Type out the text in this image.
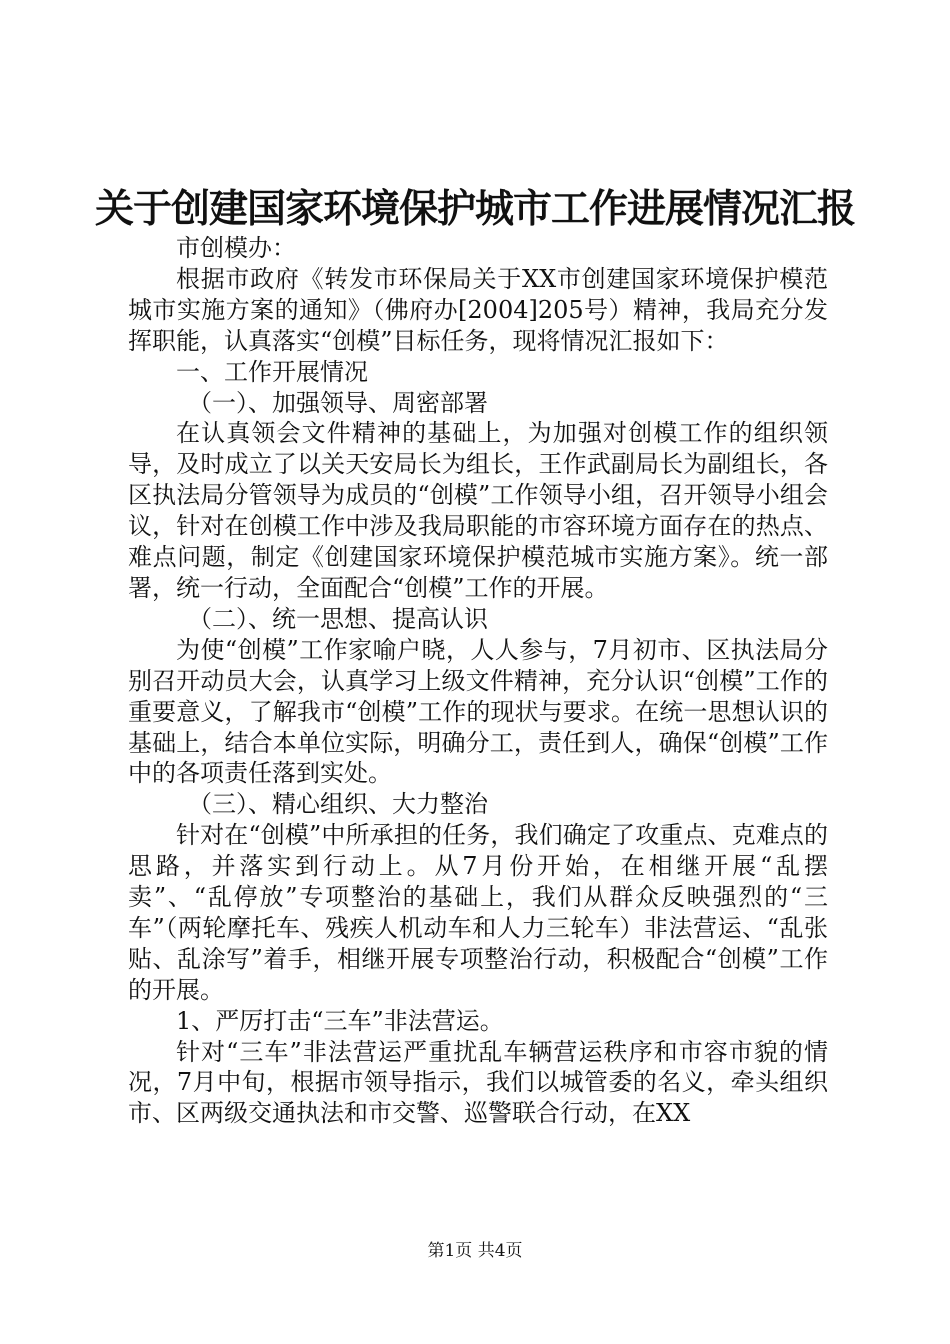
关于创建国家环境保护城市工作进展情况汇报

市创模办：

根据市政府《转发市环保局关于XX市创建国家环境保护模范城市实施方案的通知》（佛府办[2004]205号）精神，我局充分发挥职能，认真落实“创模”目标任务，现将情况汇报如下：

一、工作开展情况

（一）、加强领导、周密部署

在认真领会文件精神的基础上，为加强对创模工作的组织领导，及时成立了以关天安局长为组长，王作武副局长为副组长，各区执法局分管领导为成员的“创模”工作领导小组，召开领导小组会议，针对在创模工作中涉及我局职能的市容环境方面存在的热点、难点问题，制定《创建国家环境保护模范城市实施方案》。统一部署，统一行动，全面配合“创模”工作的开展。

（二）、统一思想、提高认识

为使“创模”工作家喻户晓，人人参与，7月初市、区执法局分别召开动员大会，认真学习上级文件精神，充分认识“创模”工作的重要意义，了解我市“创模”工作的现状与要求。在统一思想认识的基础上，结合本单位实际，明确分工，责任到人，确保“创模”工作中的各项责任落到实处。

（三）、精心组织、大力整治

针对在“创模”中所承担的任务，我们确定了攻重点、克难点的思路，并落实到行动上。从7月份开始，在相继开展“乱摆卖”、“乱停放”专项整治的基础上，我们从群众反映强烈的“三车”（两轮摩托车、残疾人机动车和人力三轮车）非法营运、“乱张贴、乱涂写”着手，相继开展专项整治行动，积极配合“创模”工作的开展。

1、严厉打击“三车”非法营运。

针对“三车”非法营运严重扰乱车辆营运秩序和市容市貌的情况，7月中旬，根据市领导指示，我们以城管委的名义，牵头组织市、区两级交通执法和市交警、巡警联合行动，在XX

第1页 共4页
